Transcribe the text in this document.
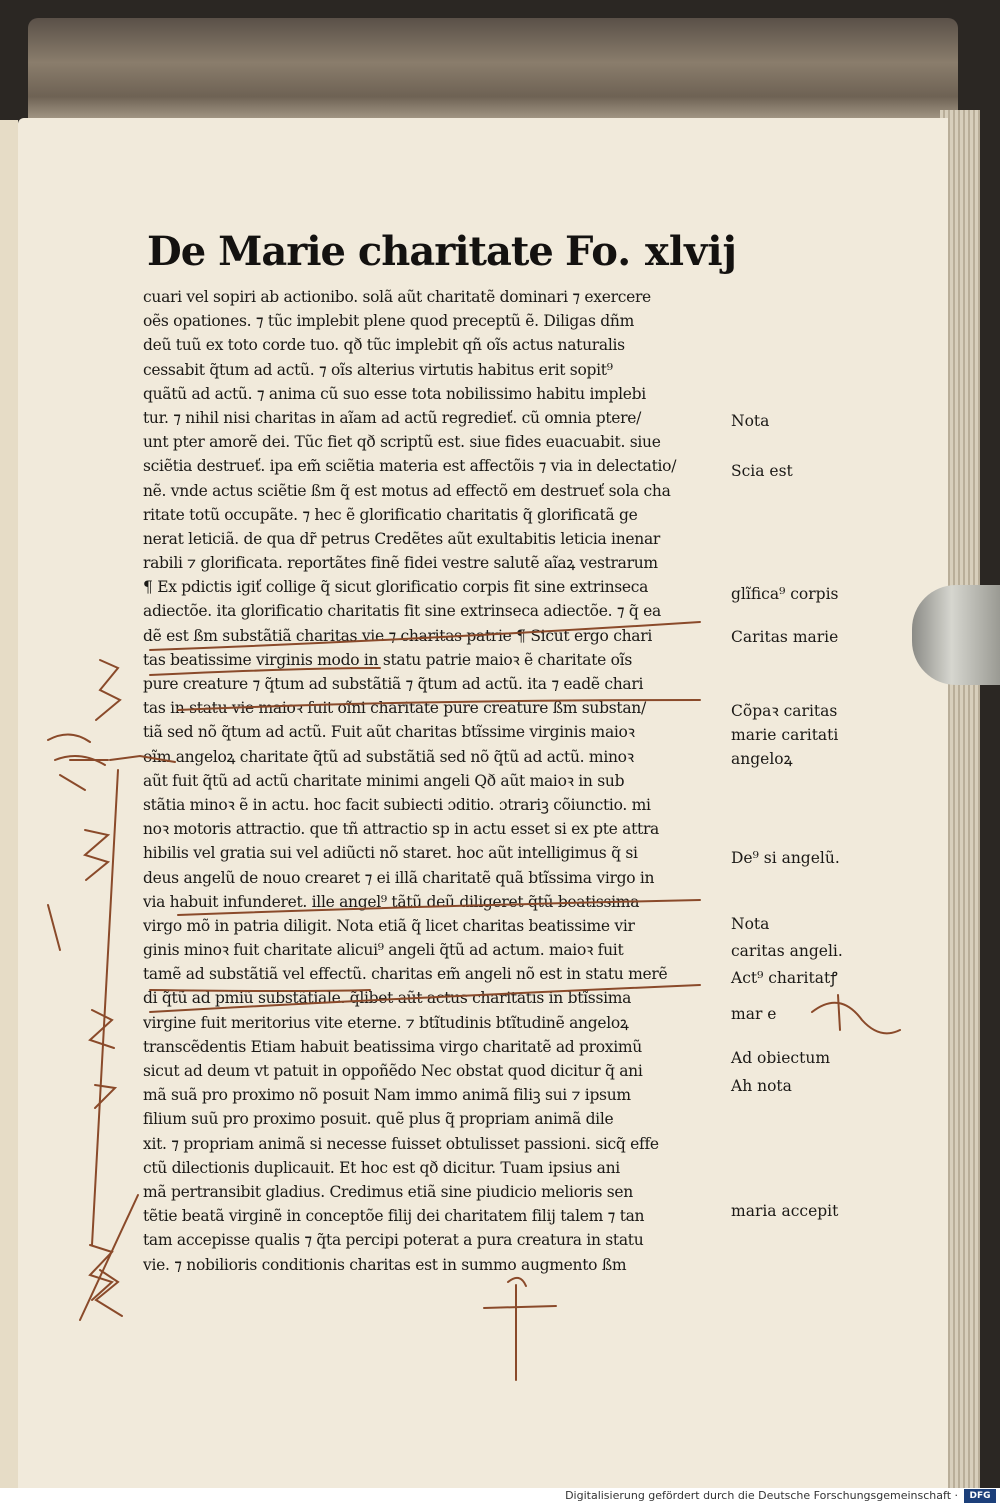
De Marie charitate Fo. xlvij
cuari vel sopiri ab actionibo. solã aũt charitatẽ dominari ⁊ exercere
oẽs opationes. ⁊ tũc implebit plene quod preceptũ ẽ. Diligas dñm
deũ tuũ ex toto corde tuo. qð tũc implebit qñ oĩs actus naturalis
cessabit q̃tum ad actũ. ⁊ oĩs alterius virtutis habitus erit sopit⁹
quãtũ ad actũ. ⁊ anima cũ suo esse tota nobilissimo habitu implebi
tur. ⁊ nihil nisi charitas in aĩam ad actũ regredieť. cũ omnia ptere/
unt pter amorẽ dei. Tũc fiet qð scriptũ est. siue fides euacuabit. siue
sciẽtia destrueť. ipa em̃ sciẽtia materia est affectõis ⁊ via in delectatio/
nẽ. vnde actus sciẽtie ßm q̃ est motus ad effectõ em destrueť sola cha
ritate totũ occupãte. ⁊ hec ẽ glorificatio charitatis q̃ glorificatã ge
nerat leticiã. de qua dr̃ petrus Credẽtes aũt exultabitis leticia inenar
rabili ⁊ glorificata. reportãtes finẽ fidei vestre salutẽ aĩaꝝ vestrarum
¶ Ex pdictis igiť collige q̃ sicut glorificatio corpis fit sine extrinseca
adiectõe. ita glorificatio charitatis fit sine extrinseca adiectõe. ⁊ q̃ ea
dẽ est ßm substãtiã charitas vie ⁊ charitas patrie ¶ Sicut ergo chari
tas beatissime virginis modo in statu patrie maioꝛ ẽ charitate oĩs
pure creature ⁊ q̃tum ad substãtiã ⁊ q̃tum ad actũ. ita ⁊ eadẽ chari
tas in statu vie maioꝛ fuit oĩni charitate pure creature ßm substan/
tiã sed nõ q̃tum ad actũ. Fuit aũt charitas btĩssime virginis maioꝛ
oĩm angeloꝝ charitate q̃tũ ad substãtiã sed nõ q̃tũ ad actũ. minoꝛ
aũt fuit q̃tũ ad actũ charitate minimi angeli Qð aũt maioꝛ in sub
stãtia minoꝛ ẽ in actu. hoc facit subiecti ɔditio. ɔtrariꝫ cõiunctio. mi
noꝛ motoris attractio. que tñ attractio sp in actu esset si ex pte attra
hibilis vel gratia sui vel adiũcti nõ staret. hoc aũt intelligimus q̃ si
deus angelũ de nouo crearet ⁊ ei illã charitatẽ quã btĩssima virgo in
via habuit infunderet. ille angel⁹ tãtũ deũ diligeret q̃tũ beatissima
virgo mõ in patria diligit. Nota etiã q̃ licet charitas beatissime vir
ginis minoꝛ fuit charitate alicui⁹ angeli q̃tũ ad actum. maioꝛ fuit
tamẽ ad substãtiã vel effectũ. charitas em̃ angeli nõ est in statu merẽ
di q̃tũ ad pmiũ substãtiale. q̃libet aũt actus charitatis in btĩssima
virgine fuit meritorius vite eterne. ⁊ btĩtudinis btĩtudinẽ angeloꝝ
transcẽdentis Etiam habuit beatissima virgo charitatẽ ad proximũ
sicut ad deum vt patuit in oppoñẽdo Nec obstat quod dicitur q̃ ani
mã suã pro proximo nõ posuit Nam immo animã filiꝫ sui ⁊ ipsum
filium suũ pro proximo posuit. quẽ plus q̃ propriam animã dile
xit. ⁊ propriam animã si necesse fuisset obtulisset passioni. sicq̃ effe
ctũ dilectionis duplicauit. Et hoc est qð dicitur. Tuam ipsius ani
mã pertransibit gladius. Credimus etiã sine piudicio melioris sen
tẽtie beatã virginẽ in conceptõe filij dei charitatem filij talem ⁊ tan
tam accepisse qualis ⁊ q̃ta percipi poterat a pura creatura in statu
vie. ⁊ nobilioris conditionis charitas est in summo augmento ßm
Nota
Scia est
glĩfica⁹ corpis
Caritas marie
Cõpaꝛ caritas
marie caritati
angeloꝝ
De⁹ si angelũ.
Nota
caritas angeli.
Act⁹ charitatꝭ
mar e
Ad obiectum
Ah nota
maria accepit
Digitalisierung gefördert durch die Deutsche Forschungsgemeinschaft ·	DFG
